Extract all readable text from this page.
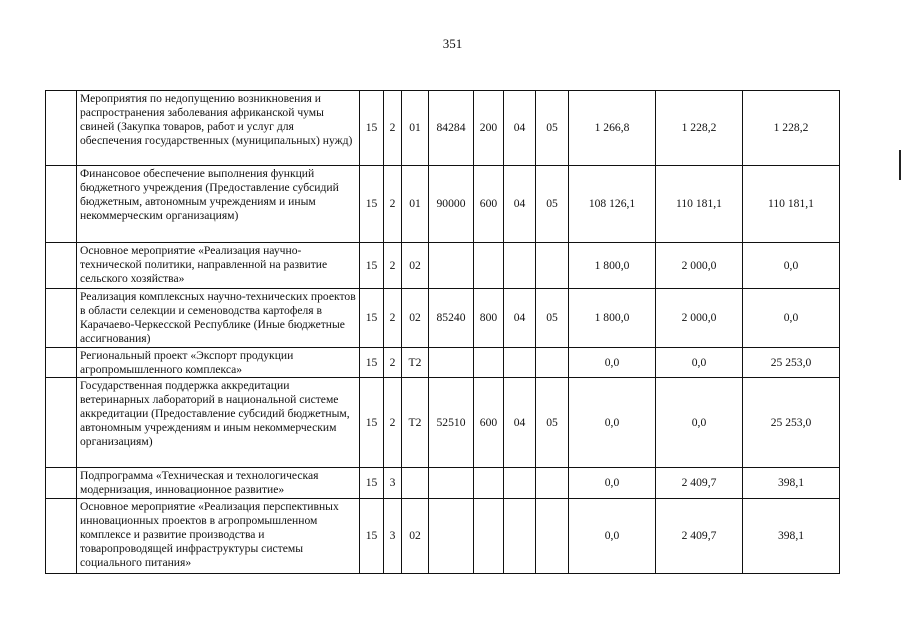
351
	Мероприятия по недопущению возникновения и распространения заболевания африканской чумы свиней (Закупка товаров, работ и услуг для обеспечения государственных (муниципальных) нужд)	15	2	01	84284	200	04	05	1 266,8	1 228,2	1 228,2
	Финансовое обеспечение выполнения функций бюджетного учреждения (Предоставление субсидий бюджетным, автономным учреждениям и иным некоммерческим организациям)	15	2	01	90000	600	04	05	108 126,1	110 181,1	110 181,1
	Основное мероприятие «Реализация научно-технической политики, направленной на развитие сельского хозяйства»	15	2	02					1 800,0	2 000,0	0,0
	Реализация комплексных научно-технических проектов в области селекции и семеноводства картофеля в Карачаево-Черкесской Республике (Иные бюджетные ассигнования)	15	2	02	85240	800	04	05	1 800,0	2 000,0	0,0
	Региональный проект «Экспорт продукции агропромышленного комплекса»	15	2	T2					0,0	0,0	25 253,0
	Государственная поддержка аккредитации ветеринарных лабораторий в национальной системе аккредитации (Предоставление субсидий бюджетным, автономным учреждениям и иным некоммерческим организациям)	15	2	T2	52510	600	04	05	0,0	0,0	25 253,0
	Подпрограмма «Техническая и технологическая модернизация, инновационное развитие»	15	3						0,0	2 409,7	398,1
	Основное мероприятие «Реализация перспективных инновационных проектов в агропромышленном комплексе и развитие производства и товаропроводящей инфраструктуры системы социального питания»	15	3	02					0,0	2 409,7	398,1
